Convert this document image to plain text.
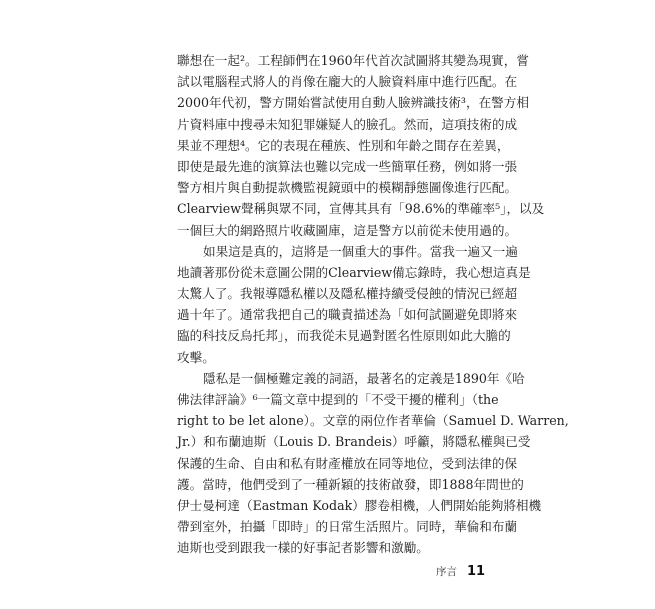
聯想在一起²。工程師們在1960年代首次試圖將其變為現實，嘗
試以電腦程式將人的肖像在龐大的人臉資料庫中進行匹配。在
2000年代初，警方開始嘗試使用自動人臉辨識技術³，在警方相
片資料庫中搜尋未知犯罪嫌疑人的臉孔。然而，這項技術的成
果並不理想⁴。它的表現在種族、性別和年齡之間存在差異，
即使是最先進的演算法也難以完成一些簡單任務，例如將一張
警方相片與自動提款機監視鏡頭中的模糊靜態圖像進行匹配。
Clearview聲稱與眾不同，宣傳其具有「98.6%的準確率⁵」，以及
一個巨大的網路照片收藏圖庫，這是警方以前從未使用過的。
如果這是真的，這將是一個重大的事件。當我一遍又一遍
地讀著那份從未意圖公開的Clearview備忘錄時，我心想這真是
太驚人了。我報導隱私權以及隱私權持續受侵蝕的情況已經超
過十年了。通常我把自己的職責描述為「如何試圖避免即將來
臨的科技反烏托邦」，而我從未見過對匿名性原則如此大膽的
攻擊。
隱私是一個極難定義的詞語，最著名的定義是1890年《哈
佛法律評論》⁶一篇文章中提到的「不受干擾的權利」（the
right to be let alone）。文章的兩位作者華倫（Samuel D. Warren,
Jr.）和布蘭迪斯（Louis D. Brandeis）呼籲，將隱私權與已受
保護的生命、自由和私有財產權放在同等地位，受到法律的保
護。當時，他們受到了一種新穎的技術啟發，即1888年問世的
伊士曼柯達（Eastman Kodak）膠卷相機，人們開始能夠將相機
帶到室外，拍攝「即時」的日常生活照片。同時，華倫和布蘭
迪斯也受到跟我一樣的好事記者影響和激勵。
序言 11
